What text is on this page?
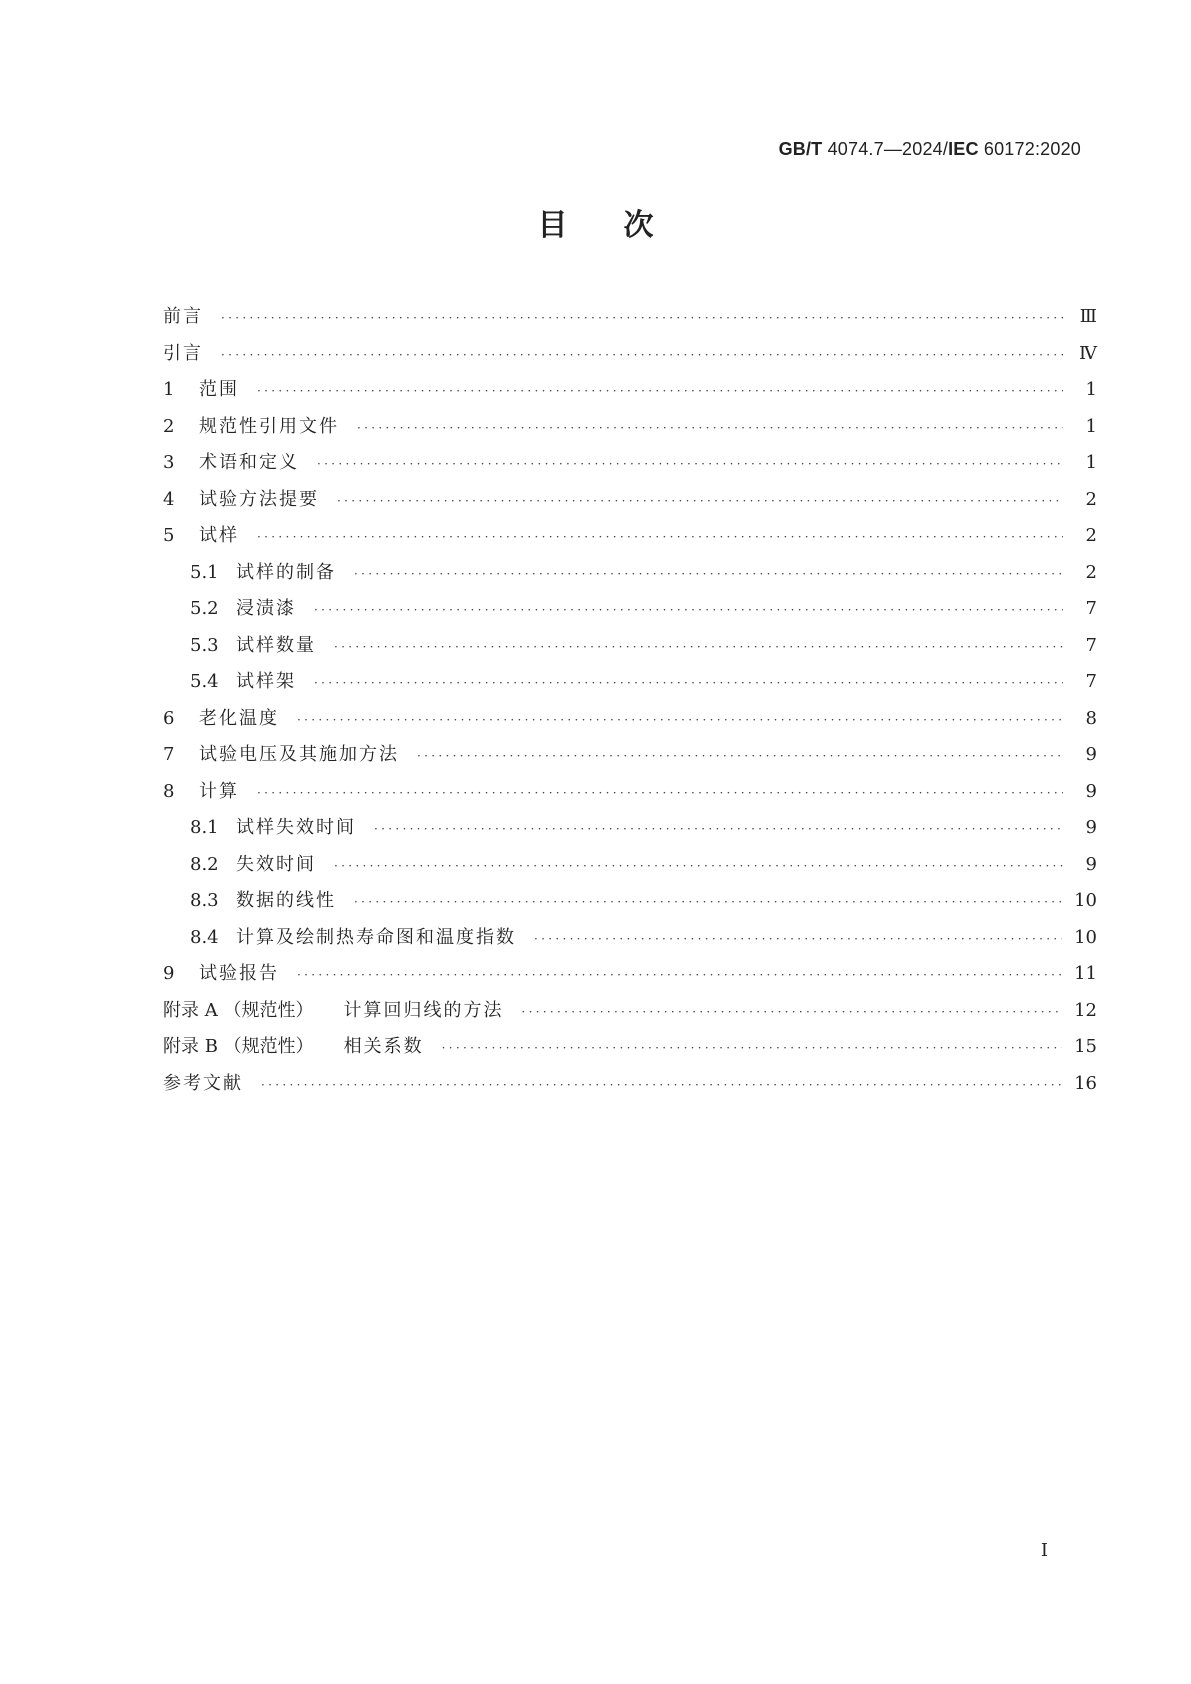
GB/T 4074.7—2024/IEC 60172:2020
目次
前言 ·····	Ⅲ
引言 ·····	Ⅳ
1	范围 ·····	1
2	规范性引用文件 ·····	1
3	术语和定义 ·····	1
4	试验方法提要 ·····	2
5	试样 ·····	2
5.1 试样的制备 ·····	2
5.2 浸渍漆 ·····	7
5.3 试样数量 ·····	7
5.4 试样架 ·····	7
6	老化温度 ·····	8
7	试验电压及其施加方法 ·····	9
8	计算 ·····	9
8.1 试样失效时间 ·····	9
8.2 失效时间 ·····	9
8.3 数据的线性 ·····	10
8.4 计算及绘制热寿命图和温度指数 ·····	10
9	试验报告 ·····	11
附录 A （规范性） 计算回归线的方法 ·····	12
附录 B （规范性） 相关系数 ·····	15
参考文献 ·····	16
Ⅰ
